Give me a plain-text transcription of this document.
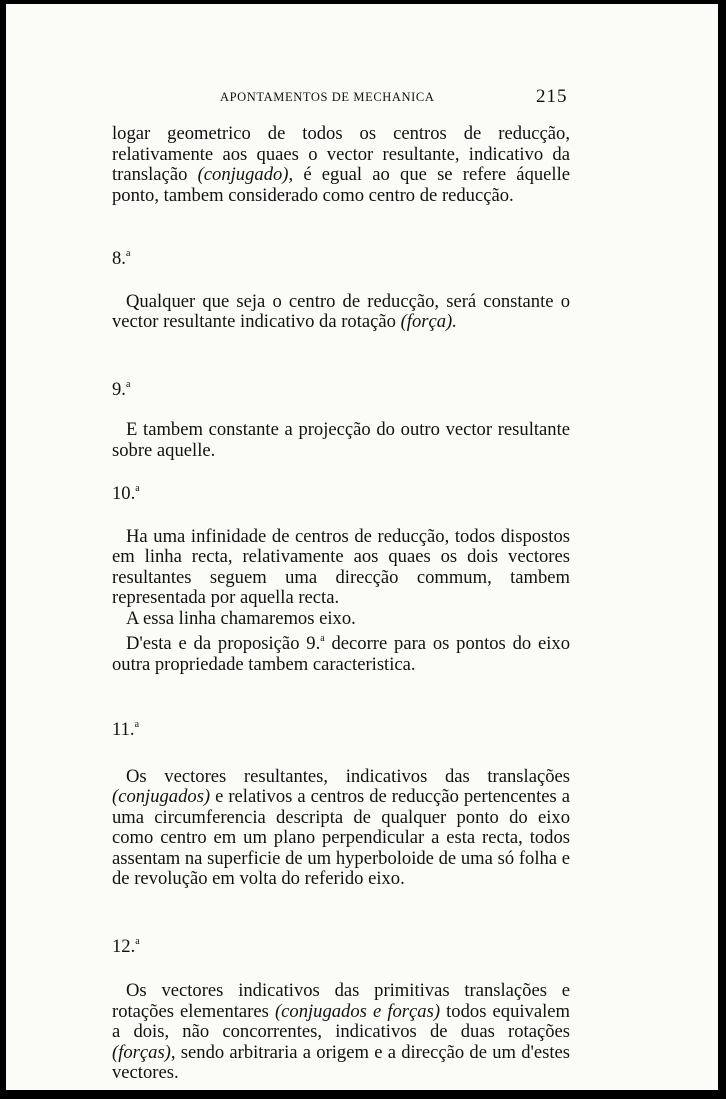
APONTAMENTOS DE MECHANICA	215

logar geometrico de todos os centros de reducção, relativamente aos quaes o vector resultante, indicativo da translação (conjugado), é egual ao que se refere áquelle ponto, tambem considerado como centro de reducção.

8.$^a$

Qualquer que seja o centro de reducção, será constante o vector resultante indicativo da rotação (força).

9.$^a$

E tambem constante a projecção do outro vector resultante sobre aquelle.

10.$^a$

Ha uma infinidade de centros de reducção, todos dispostos em linha recta, relativamente aos quaes os dois vectores resultantes seguem uma direcção commum, tambem representada por aquella recta.

A essa linha chamaremos eixo.

D'esta e da proposição 9.$^a$ decorre para os pontos do eixo outra propriedade tambem caracteristica.

11.$^a$

Os vectores resultantes, indicativos das translações (conjugados) e relativos a centros de reducção pertencentes a uma circumferencia descripta de qualquer ponto do eixo como centro em um plano perpendicular a esta recta, todos assentam na superficie de um hyperboloide de uma só folha e de revolução em volta do referido eixo.

12.$^a$

Os vectores indicativos das primitivas translações e rotações elementares (conjugados e forças) todos equivalem a dois, não concorrentes, indicativos de duas rotações (forças), sendo arbitraria a origem e a direcção de um d'estes vectores.
